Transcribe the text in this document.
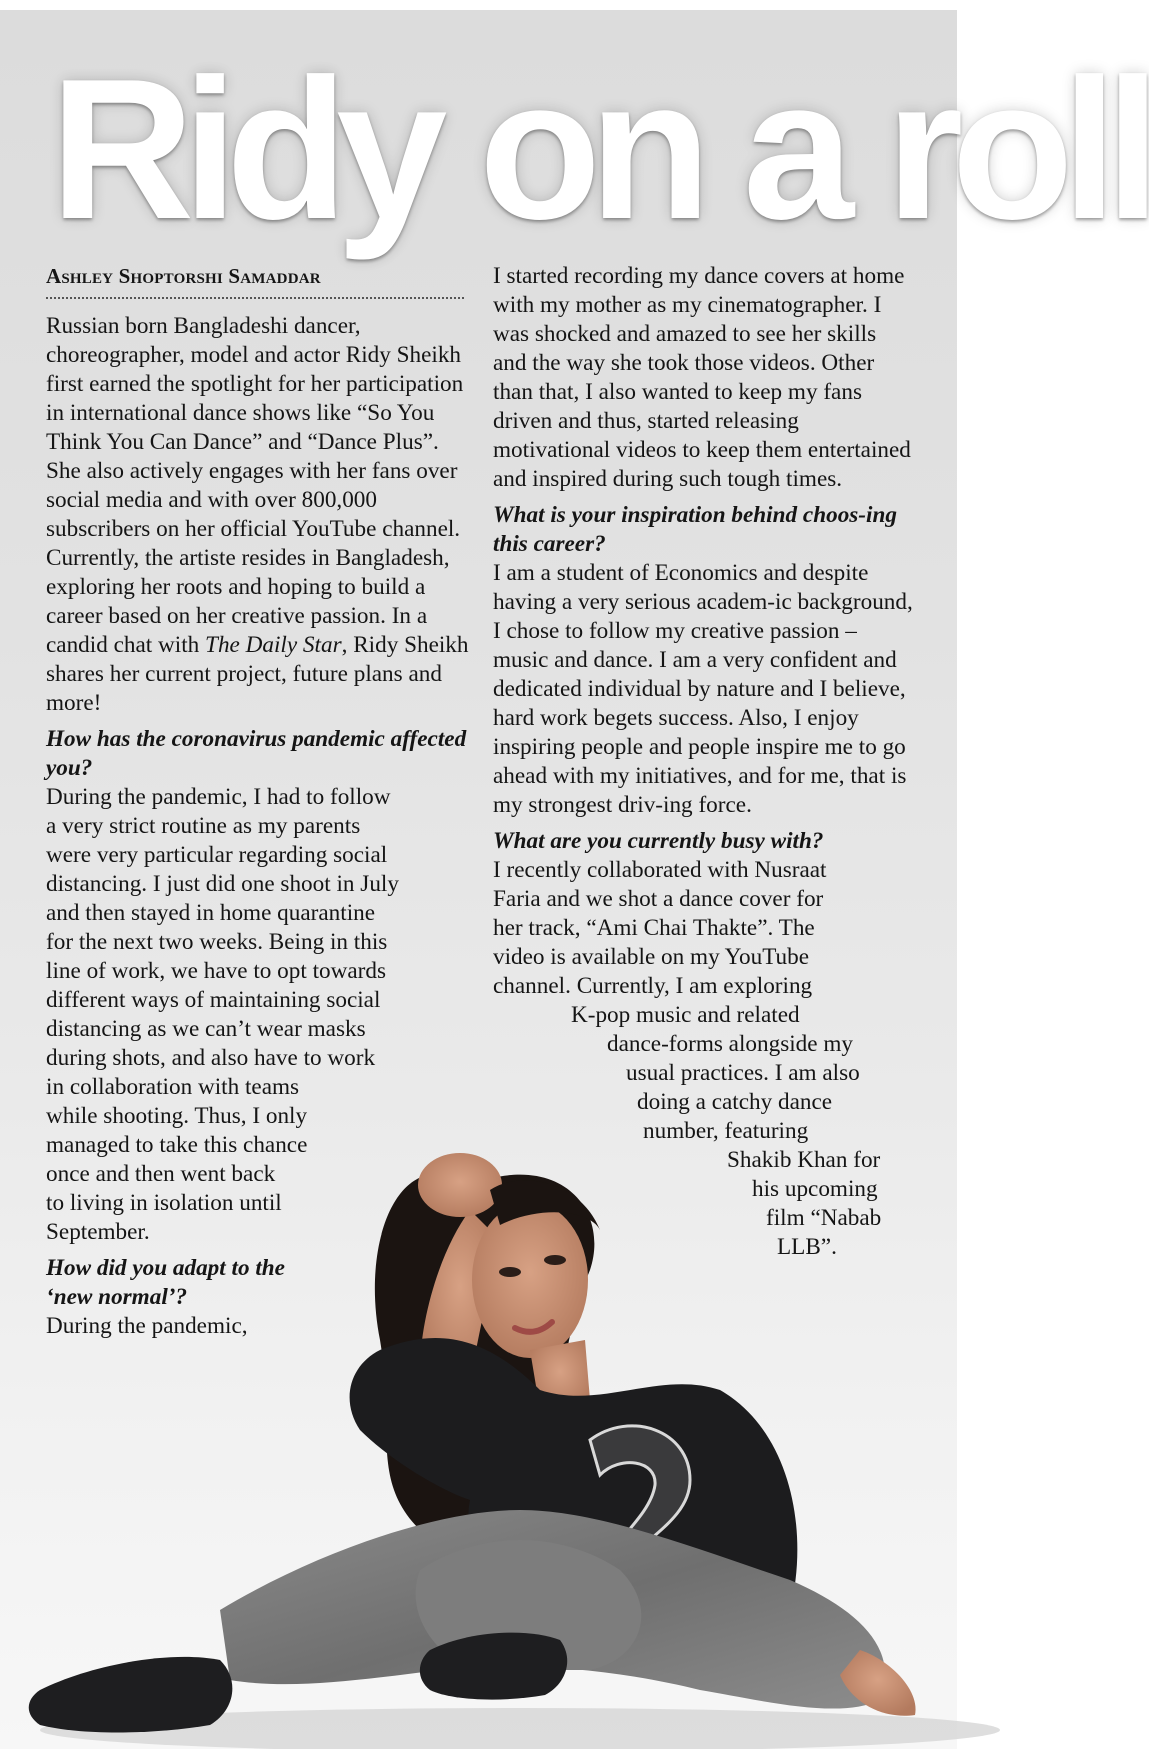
Ridy on a roll
Ashley Shoptorshi Samaddar

Russian born Bangladeshi dancer, choreographer, model and actor Ridy Sheikh first earned the spotlight for her participation in international dance shows like “So You Think You Can Dance” and “Dance Plus”. She also actively engages with her fans over social media and with over 800,000 subscribers on her official YouTube channel. Currently, the artiste resides in Bangladesh, exploring her roots and hoping to build a career based on her creative passion. In a candid chat with The Daily Star, Ridy Sheikh shares her current project, future plans and more!

How has the coronavirus pandemic affected you?

During the pandemic, I had to follow
a very strict routine as my parents
were very particular regarding social
distancing. I just did one shoot in July
and then stayed in home quarantine
for the next two weeks. Being in this
line of work, we have to opt towards
different ways of maintaining social
distancing as we can’t wear masks
during shots, and also have to work
in collaboration with teams
while shooting. Thus, I only
managed to take this chance
once and then went back
to living in isolation until
September.
How did you adapt to the
‘new normal’?

During the pandemic,

I started recording my dance covers at home with my mother as my cinematographer. I was shocked and amazed to see her skills and the way she took those videos. Other than that, I also wanted to keep my fans driven and thus, started releasing motivational videos to keep them entertained and inspired during such tough times.

What is your inspiration behind choos-ing this career?

I am a student of Economics and despite having a very serious academ-ic background, I chose to follow my creative passion – music and dance. I am a very confident and dedicated individual by nature and I believe, hard work begets success. Also, I enjoy inspiring people and people inspire me to go ahead with my initiatives, and for me, that is my strongest driv-ing force.

What are you currently busy with?

I recently collaborated with Nusraat
Faria and we shot a dance cover for
her track, “Ami Chai Thakte”. The
video is available on my YouTube
channel. Currently, I am exploring
K-pop music and related
dance-forms alongside my
usual practices. I am also
doing a catchy dance
number, featuring
Shakib Khan for
his upcoming
film “Nabab
LLB”.
